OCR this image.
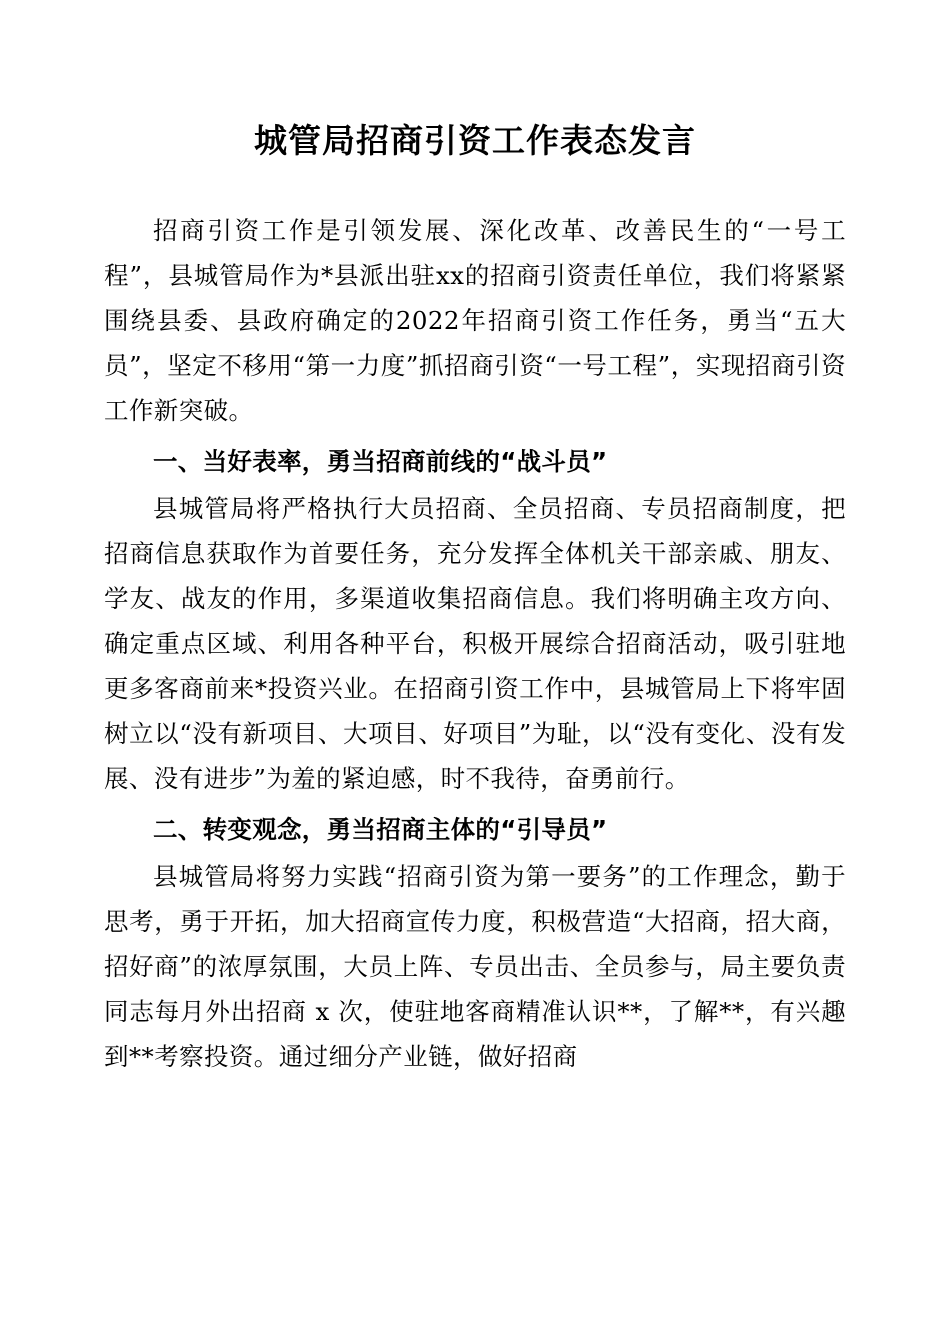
城管局招商引资工作表态发言

招商引资工作是引领发展、深化改革、改善民生的“一号工程”，县城管局作为*县派出驻xx的招商引资责任单位，我们将紧紧围绕县委、县政府确定的2022年招商引资工作任务，勇当“五大员”，坚定不移用“第一力度”抓招商引资“一号工程”，实现招商引资工作新突破。

一、当好表率，勇当招商前线的“战斗员”

县城管局将严格执行大员招商、全员招商、专员招商制度，把招商信息获取作为首要任务，充分发挥全体机关干部亲戚、朋友、学友、战友的作用，多渠道收集招商信息。我们将明确主攻方向、确定重点区域、利用各种平台，积极开展综合招商活动，吸引驻地更多客商前来*投资兴业。在招商引资工作中，县城管局上下将牢固树立以“没有新项目、大项目、好项目”为耻，以“没有变化、没有发展、没有进步”为羞的紧迫感，时不我待，奋勇前行。

二、转变观念，勇当招商主体的“引导员”

县城管局将努力实践“招商引资为第一要务”的工作理念，勤于思考，勇于开拓，加大招商宣传力度，积极营造“大招商，招大商，招好商”的浓厚氛围，大员上阵、专员出击、全员参与，局主要负责同志每月外出招商 x 次，使驻地客商精准认识**，了解**，有兴趣到**考察投资。通过细分产业链，做好招商
